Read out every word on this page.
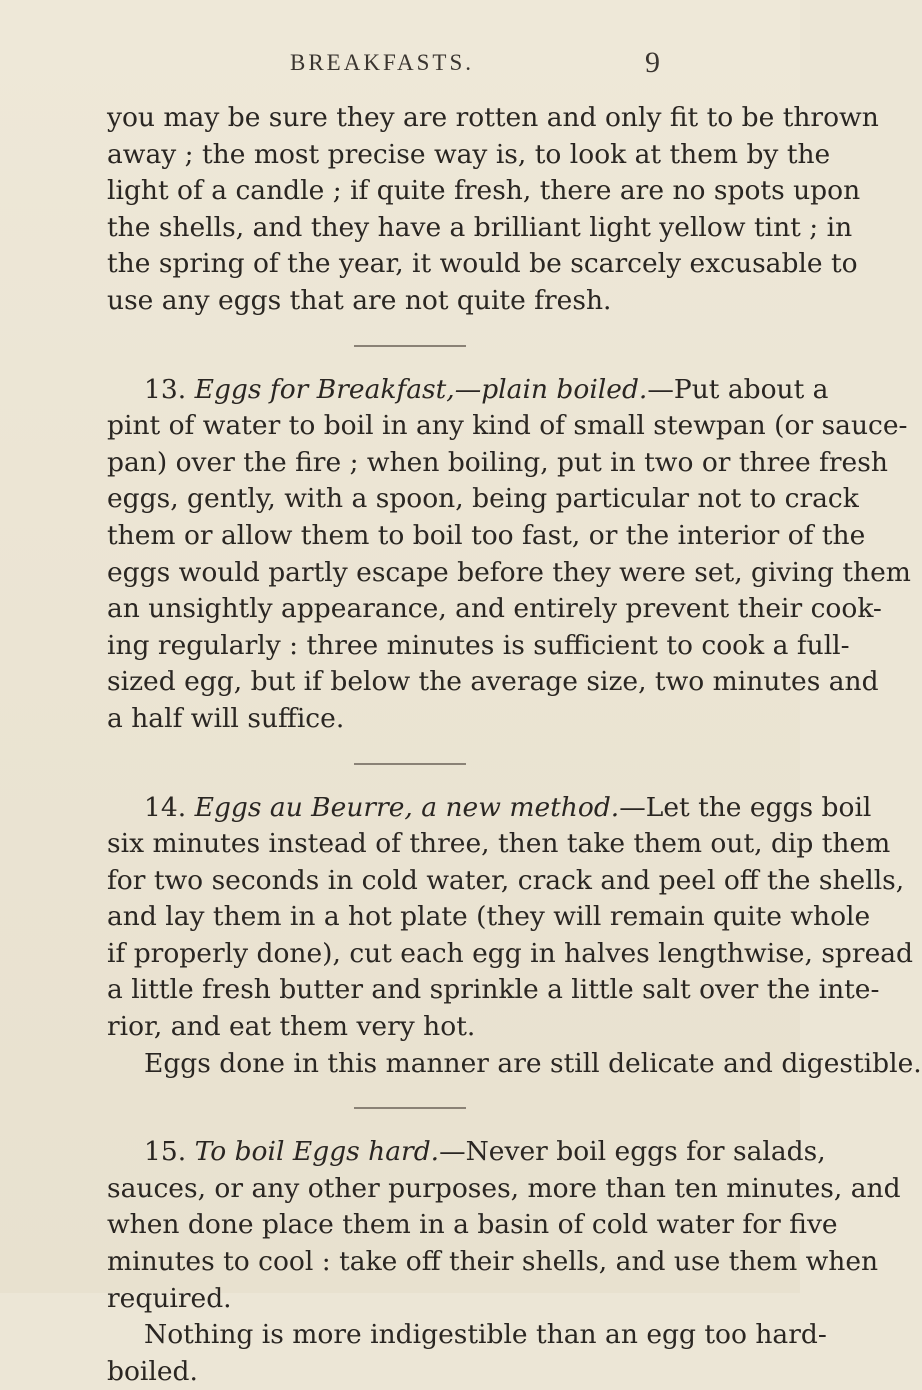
BREAKFASTS.	9
you may be sure they are rotten and only fit to be thrown
away ; the most precise way is, to look at them by the
light of a candle ; if quite fresh, there are no spots upon
the shells, and they have a brilliant light yellow tint ; in
the spring of the year, it would be scarcely excusable to
use any eggs that are not quite fresh.
13. Eggs for Breakfast,—plain boiled.—Put about a
pint of water to boil in any kind of small stewpan (or sauce-
pan) over the fire ; when boiling, put in two or three fresh
eggs, gently, with a spoon, being particular not to crack
them or allow them to boil too fast, or the interior of the
eggs would partly escape before they were set, giving them
an unsightly appearance, and entirely prevent their cook-
ing regularly : three minutes is sufficient to cook a full-
sized egg, but if below the average size, two minutes and
a half will suffice.
14. Eggs au Beurre, a new method.—Let the eggs boil
six minutes instead of three, then take them out, dip them
for two seconds in cold water, crack and peel off the shells,
and lay them in a hot plate (they will remain quite whole
if properly done), cut each egg in halves lengthwise, spread
a little fresh butter and sprinkle a little salt over the inte-
rior, and eat them very hot.
Eggs done in this manner are still delicate and digestible.
15. To boil Eggs hard.—Never boil eggs for salads,
sauces, or any other purposes, more than ten minutes, and
when done place them in a basin of cold water for five
minutes to cool : take off their shells, and use them when
required.
Nothing is more indigestible than an egg too hard-
boiled.
